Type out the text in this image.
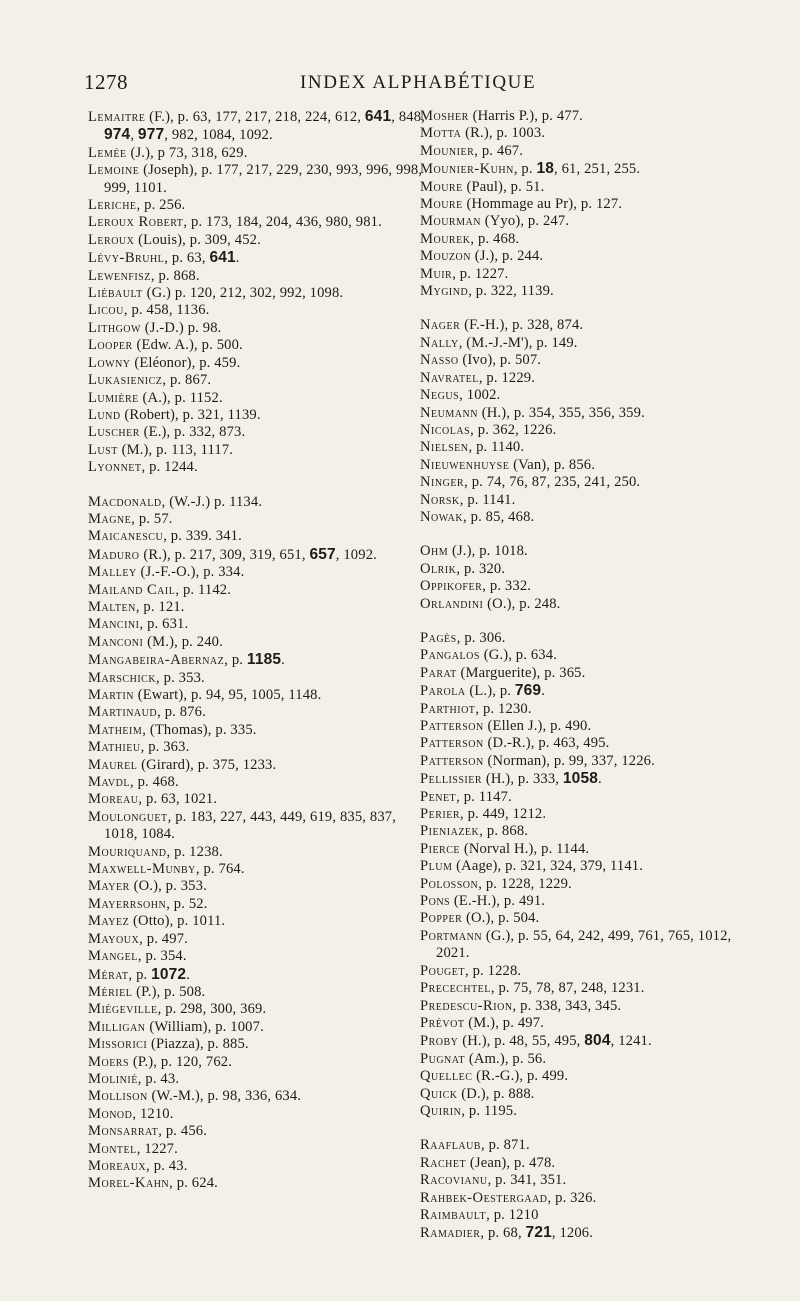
1278	INDEX ALPHABÉTIQUE
Lemaitre (F.), p. 63, 177, 217, 218, 224, 612, 641, 848, 974, 977, 982, 1084, 1092.
Lemée (J.), p 73, 318, 629.
Lemoine (Joseph), p. 177, 217, 229, 230, 993, 996, 998, 999, 1101.
Leriche, p. 256.
Leroux Robert, p. 173, 184, 204, 436, 980, 981.
Leroux (Louis), p. 309, 452.
Lévy-Bruhl, p. 63, 641.
Lewenfisz, p. 868.
Liébault (G.) p. 120, 212, 302, 992, 1098.
Licou, p. 458, 1136.
Lithgow (J.-D.) p. 98.
Looper (Edw. A.), p. 500.
Lowny (Eléonor), p. 459.
Lukasienicz, p. 867.
Lumière (A.), p. 1152.
Lund (Robert), p. 321, 1139.
Luscher (E.), p. 332, 873.
Lust (M.), p. 113, 1117.
Lyonnet, p. 1244.
Macdonald, (W.-J.) p. 1134.
Magne, p. 57.
Maicanescu, p. 339. 341.
Maduro (R.), p. 217, 309, 319, 651, 657, 1092.
Malley (J.-F.-O.), p. 334.
Mailand Cail, p. 1142.
Malten, p. 121.
Mancini, p. 631.
Manconi (M.), p. 240.
Mangabeira-Abernaz, p. 1185.
Marschick, p. 353.
Martin (Ewart), p. 94, 95, 1005, 1148.
Martinaud, p. 876.
Matheim, (Thomas), p. 335.
Mathieu, p. 363.
Maurel (Girard), p. 375, 1233.
Mavdl, p. 468.
Moreau, p. 63, 1021.
Moulonguet, p. 183, 227, 443, 449, 619, 835, 837, 1018, 1084.
Mouriquand, p. 1238.
Maxwell-Munby, p. 764.
Mayer (O.), p. 353.
Mayerrsohn, p. 52.
Mayez (Otto), p. 1011.
Mayoux, p. 497.
Mangel, p. 354.
Mérat, p. 1072.
Mériel (P.), p. 508.
Miégeville, p. 298, 300, 369.
Milligan (William), p. 1007.
Missorici (Piazza), p. 885.
Moers (P.), p. 120, 762.
Molinié, p. 43.
Mollison (W.-M.), p. 98, 336, 634.
Monod, 1210.
Monsarrat, p. 456.
Montel, 1227.
Moreaux, p. 43.
Morel-Kahn, p. 624.
Mosher (Harris P.), p. 477.
Motta (R.), p. 1003.
Mounier, p. 467.
Mounier-Kuhn, p. 18, 61, 251, 255.
Moure (Paul), p. 51.
Moure (Hommage au Pr), p. 127.
Mourman (Yyo), p. 247.
Mourek, p. 468.
Mouzon (J.), p. 244.
Muir, p. 1227.
Mygind, p. 322, 1139.
Nager (F.-H.), p. 328, 874.
Nally, (M.-J.-M'), p. 149.
Nasso (Ivo), p. 507.
Navratel, p. 1229.
Negus, 1002.
Neumann (H.), p. 354, 355, 356, 359.
Nicolas, p. 362, 1226.
Nielsen, p. 1140.
Nieuwenhuyse (Van), p. 856.
Ninger, p. 74, 76, 87, 235, 241, 250.
Norsk, p. 1141.
Nowak, p. 85, 468.
Ohm (J.), p. 1018.
Olrik, p. 320.
Oppikofer, p. 332.
Orlandini (O.), p. 248.
Pagès, p. 306.
Pangalos (G.), p. 634.
Parat (Marguerite), p. 365.
Parola (L.), p. 769.
Parthiot, p. 1230.
Patterson (Ellen J.), p. 490.
Patterson (D.-R.), p. 463, 495.
Patterson (Norman), p. 99, 337, 1226.
Pellissier (H.), p. 333, 1058.
Penet, p. 1147.
Perier, p. 449, 1212.
Pieniazek, p. 868.
Pierce (Norval H.), p. 1144.
Plum (Aage), p. 321, 324, 379, 1141.
Polosson, p. 1228, 1229.
Pons (E.-H.), p. 491.
Popper (O.), p. 504.
Portmann (G.), p. 55, 64, 242, 499, 761, 765, 1012, 2021.
Pouget, p. 1228.
Precechtel, p. 75, 78, 87, 248, 1231.
Predescu-Rion, p. 338, 343, 345.
Prévot (M.), p. 497.
Proby (H.), p. 48, 55, 495, 804, 1241.
Pugnat (Am.), p. 56.
Quellec (R.-G.), p. 499.
Quick (D.), p. 888.
Quirin, p. 1195.
Raaflaub, p. 871.
Rachet (Jean), p. 478.
Racovianu, p. 341, 351.
Rahbek-Oestergaad, p. 326.
Raimbault, p. 1210
Ramadier, p. 68, 721, 1206.
